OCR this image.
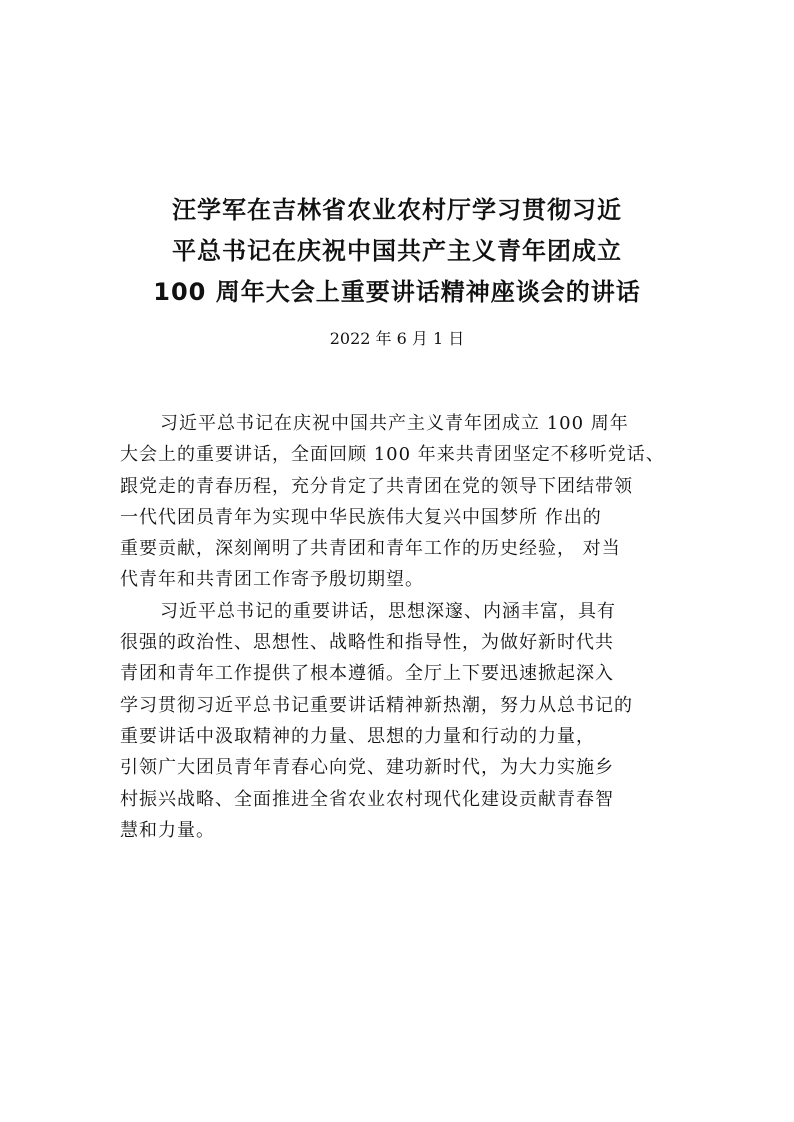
汪学军在吉林省农业农村厅学习贯彻习近
平总书记在庆祝中国共产主义青年团成立
100 周年大会上重要讲话精神座谈会的讲话
2022 年 6 月 1 日
习近平总书记在庆祝中国共产主义青年团成立 100 周年
大会上的重要讲话，全面回顾 100 年来共青团坚定不移听党话、
跟党走的青春历程，充分肯定了共青团在党的领导下团结带领
一代代团员青年为实现中华民族伟大复兴中国梦所 作出的
重要贡献，深刻阐明了共青团和青年工作的历史经验， 对当
代青年和共青团工作寄予殷切期望。
习近平总书记的重要讲话，思想深邃、内涵丰富，具有
很强的政治性、思想性、战略性和指导性，为做好新时代共
青团和青年工作提供了根本遵循。全厅上下要迅速掀起深入
学习贯彻习近平总书记重要讲话精神新热潮，努力从总书记的
重要讲话中汲取精神的力量、思想的力量和行动的力量，
引领广大团员青年青春心向党、建功新时代，为大力实施乡
村振兴战略、全面推进全省农业农村现代化建设贡献青春智
慧和力量。
